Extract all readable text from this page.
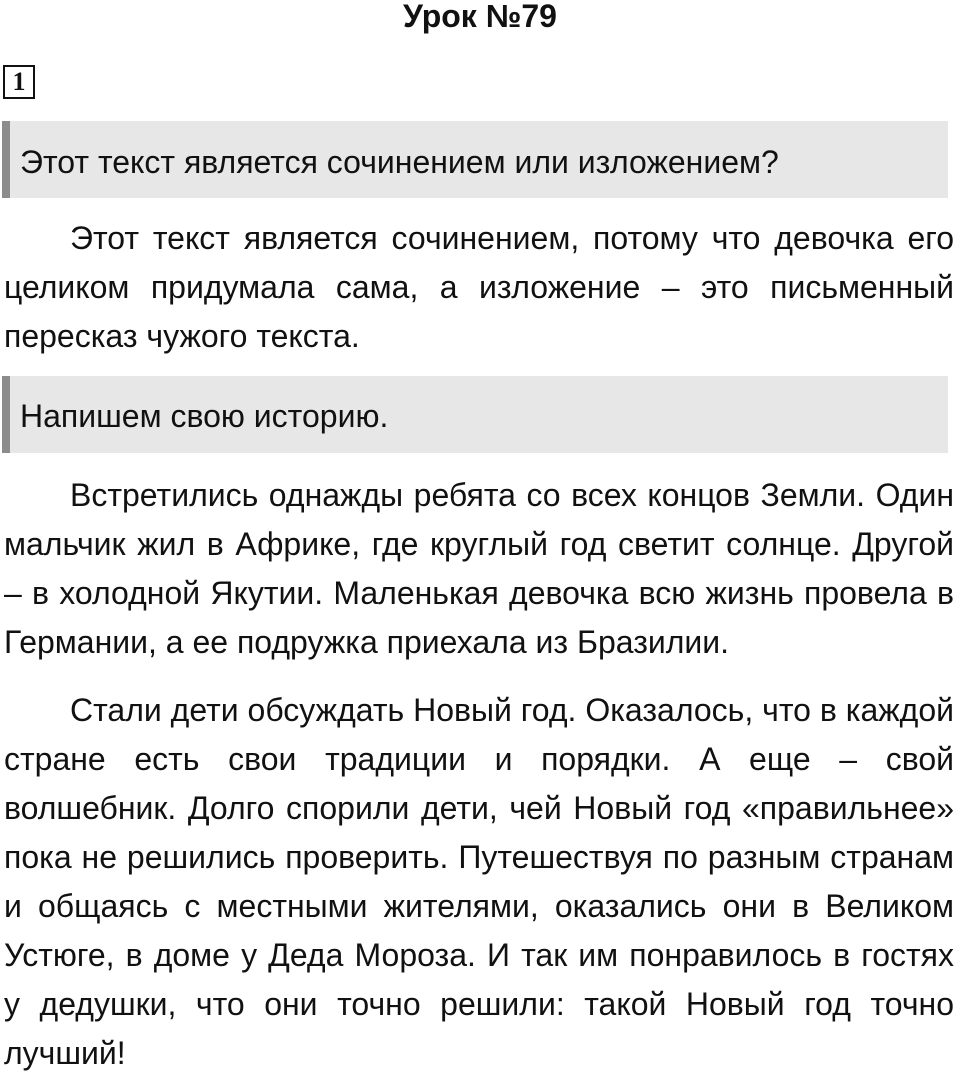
Урок №79
1
Этот текст является сочинением или изложением?

Этот текст является сочинением, потому что девочка его целиком придумала сама, а изложение – это письменный пересказ чужого текста.

Напишем свою историю.

Встретились однажды ребята со всех концов Земли. Один мальчик жил в Африке, где круглый год светит солнце. Другой – в холодной Якутии. Маленькая девочка всю жизнь провела в Германии, а ее подружка приехала из Бразилии.

Стали дети обсуждать Новый год. Оказалось, что в каждой стране есть свои традиции и порядки. А еще – свой волшебник. Долго спорили дети, чей Новый год «правильнее» пока не решились проверить. Путешествуя по разным странам и общаясь с местными жителями, оказались они в Великом Устюге, в доме у Деда Мороза. И так им понравилось в гостях у дедушки, что они точно решили: такой Новый год точно лучший!
